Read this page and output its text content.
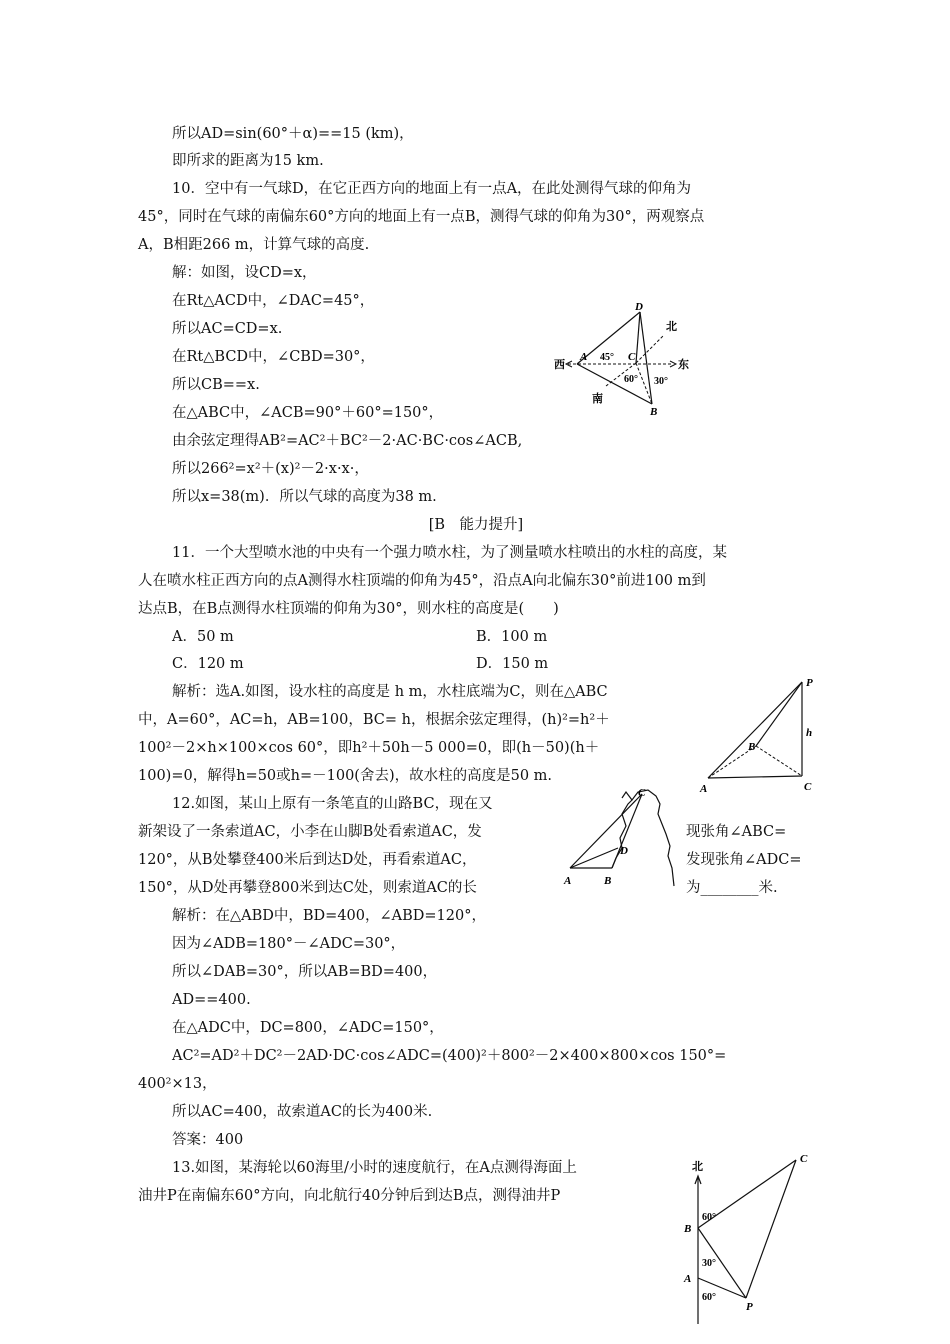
所以AD=sin(60°＋α)==15 (km)，
即所求的距离为15 km.
10．空中有一气球D，在它正西方向的地面上有一点A，在此处测得气球的仰角为
45°，同时在气球的南偏东60°方向的地面上有一点B，测得气球的仰角为30°，两观察点
A，B相距266 m，计算气球的高度.
解：如图，设CD=x，
在Rt△ACD中，∠DAC=45°，
所以AC=CD=x.
在Rt△BCD中，∠CBD=30°，
所以CB==x.
在△ABC中，∠ACB=90°＋60°=150°，
由余弦定理得AB²=AC²＋BC²－2·AC·BC·cos∠ACB,
所以266²=x²＋(x)²－2·x·x·，
所以x=38(m)．所以气球的高度为38 m.
[B　能力提升]
11．一个大型喷水池的中央有一个强力喷水柱，为了测量喷水柱喷出的水柱的高度，某
人在喷水柱正西方向的点A测得水柱顶端的仰角为45°，沿点A向北偏东30°前进100 m到
达点B，在B点测得水柱顶端的仰角为30°，则水柱的高度是(　　)
A．50 m	B．100 m
C．120 m	D．150 m
解析：选A.如图，设水柱的高度是 h m，水柱底端为C，则在△ABC
中，A=60°，AC=h，AB=100，BC= h，根据余弦定理得，(h)²=h²＋
100²－2×h×100×cos 60°，即h²＋50h－5 000=0，即(h－50)(h＋
100)=0，解得h=50或h=－100(舍去)，故水柱的高度是50 m.
12.如图，某山上原有一条笔直的山路BC，现在又
新架设了一条索道AC，小李在山脚B处看索道AC，发
120°，从B处攀登400米后到达D处，再看索道AC，
150°，从D处再攀登800米到达C处，则索道AC的长
现张角∠ABC=
发现张角∠ADC=
为________米.
解析：在△ABD中，BD=400，∠ABD=120°，
因为∠ADB=180°－∠ADC=30°，
所以∠DAB=30°，所以AB=BD=400，
AD==400.
在△ADC中，DC=800，∠ADC=150°，
AC²=AD²＋DC²－2AD·DC·cos∠ADC=(400)²＋800²－2×400×800×cos 150°=
400²×13，
所以AC=400，故索道AC的长为400米.
答案：400
13.如图，某海轮以60海里/小时的速度航行，在A点测得海面上
油井P在南偏东60°方向，向北航行40分钟后到达B点，测得油井P
D
A	C
B
北
西	东
南
45°
60° 30°
P
h
B
A	C
C
D
A	B
北
C
B
A
P
60°
30°
60°
